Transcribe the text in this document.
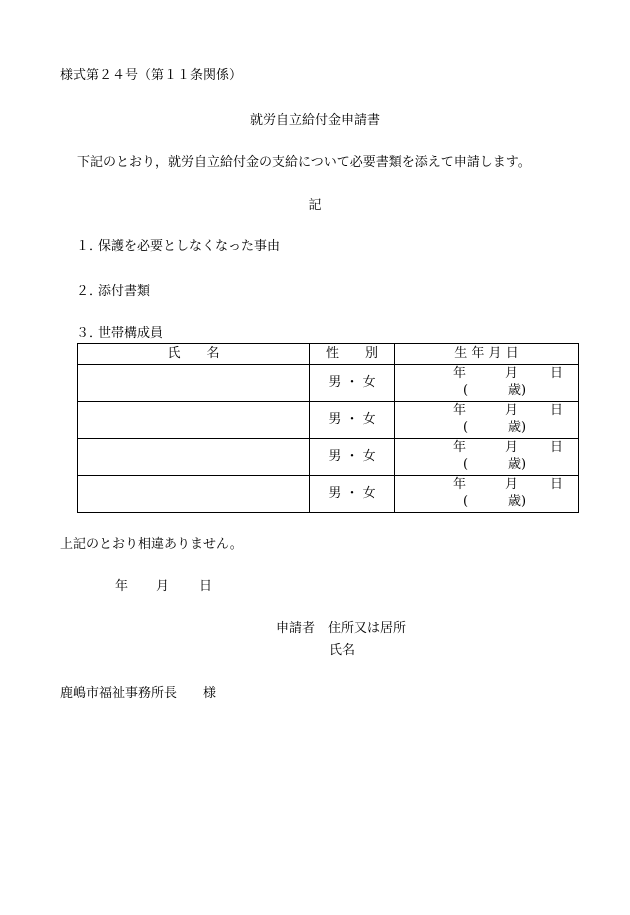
様式第２４号（第１１条関係）
就労自立給付金申請書
下記のとおり，就労自立給付金の支給について必要書類を添えて申請します。
記
１．保護を必要としなくなった事由
２．添付書類
３．世帯構成員
氏　　名	性　　別	生 年 月 日
	男 ・ 女	年 月 日
( 歳)

	男 ・ 女	年 月 日
( 歳)

	男 ・ 女	年 月 日
( 歳)

	男 ・ 女	年 月 日
( 歳)
上記のとおり相違ありません。
年 月 日
申請者　 住所又は居所
氏名
鹿嶋市福祉事務所長　　 様
